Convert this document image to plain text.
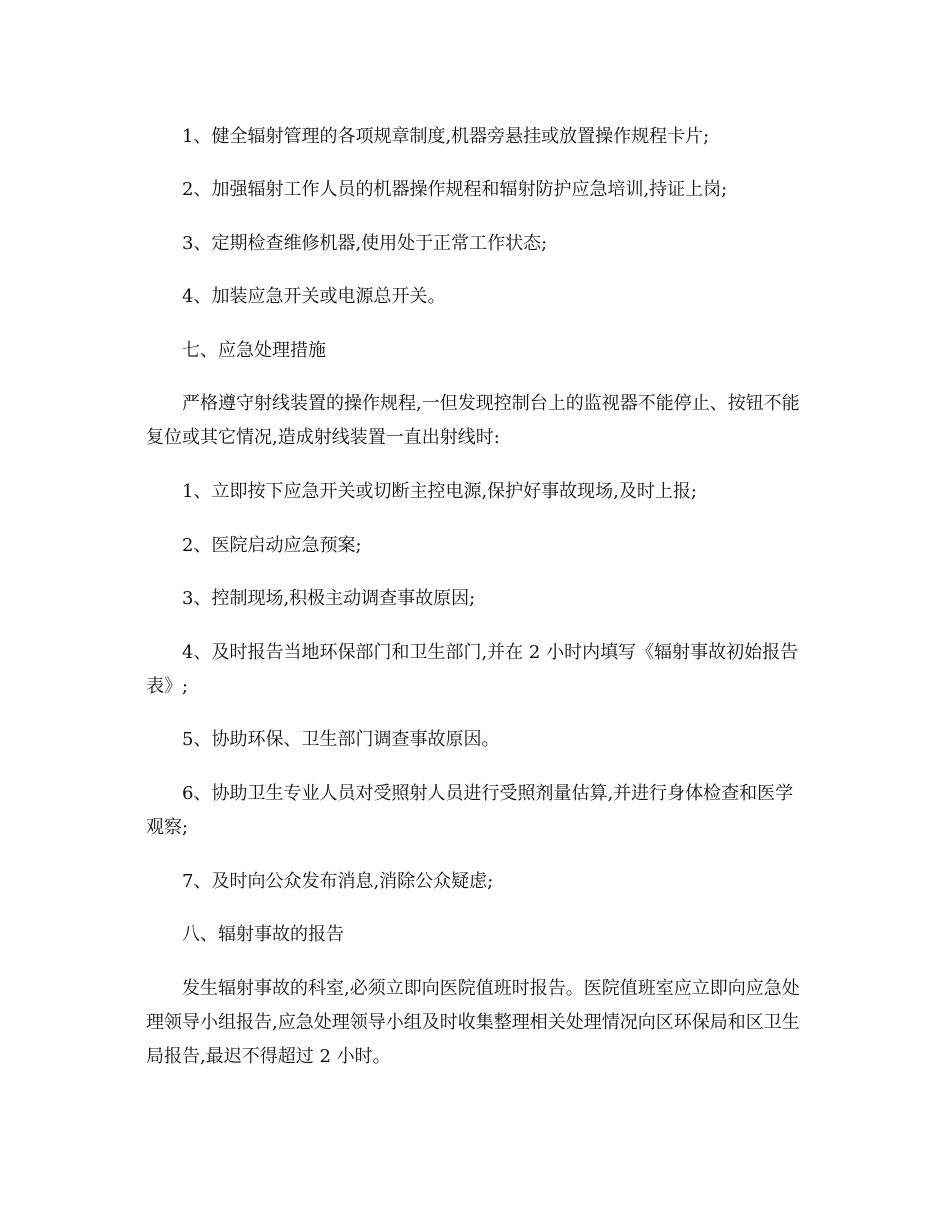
1、健全辐射管理的各项规章制度,机器旁悬挂或放置操作规程卡片;

2、加强辐射工作人员的机器操作规程和辐射防护应急培训,持证上岗;

3、定期检查维修机器,使用处于正常工作状态;

4、加装应急开关或电源总开关。

七、应急处理措施

严格遵守射线装置的操作规程,一但发现控制台上的监视器不能停止、按钮不能复位或其它情况,造成射线装置一直出射线时:

1、立即按下应急开关或切断主控电源,保护好事故现场,及时上报;

2、医院启动应急预案;

3、控制现场,积极主动调查事故原因;

4、及时报告当地环保部门和卫生部门,并在 2 小时内填写《辐射事故初始报告表》;

5、协助环保、卫生部门调查事故原因。

6、协助卫生专业人员对受照射人员进行受照剂量估算,并进行身体检查和医学观察;

7、及时向公众发布消息,消除公众疑虑;

八、辐射事故的报告

发生辐射事故的科室,必须立即向医院值班时报告。医院值班室应立即向应急处理领导小组报告,应急处理领导小组及时收集整理相关处理情况向区环保局和区卫生局报告,最迟不得超过 2 小时。
